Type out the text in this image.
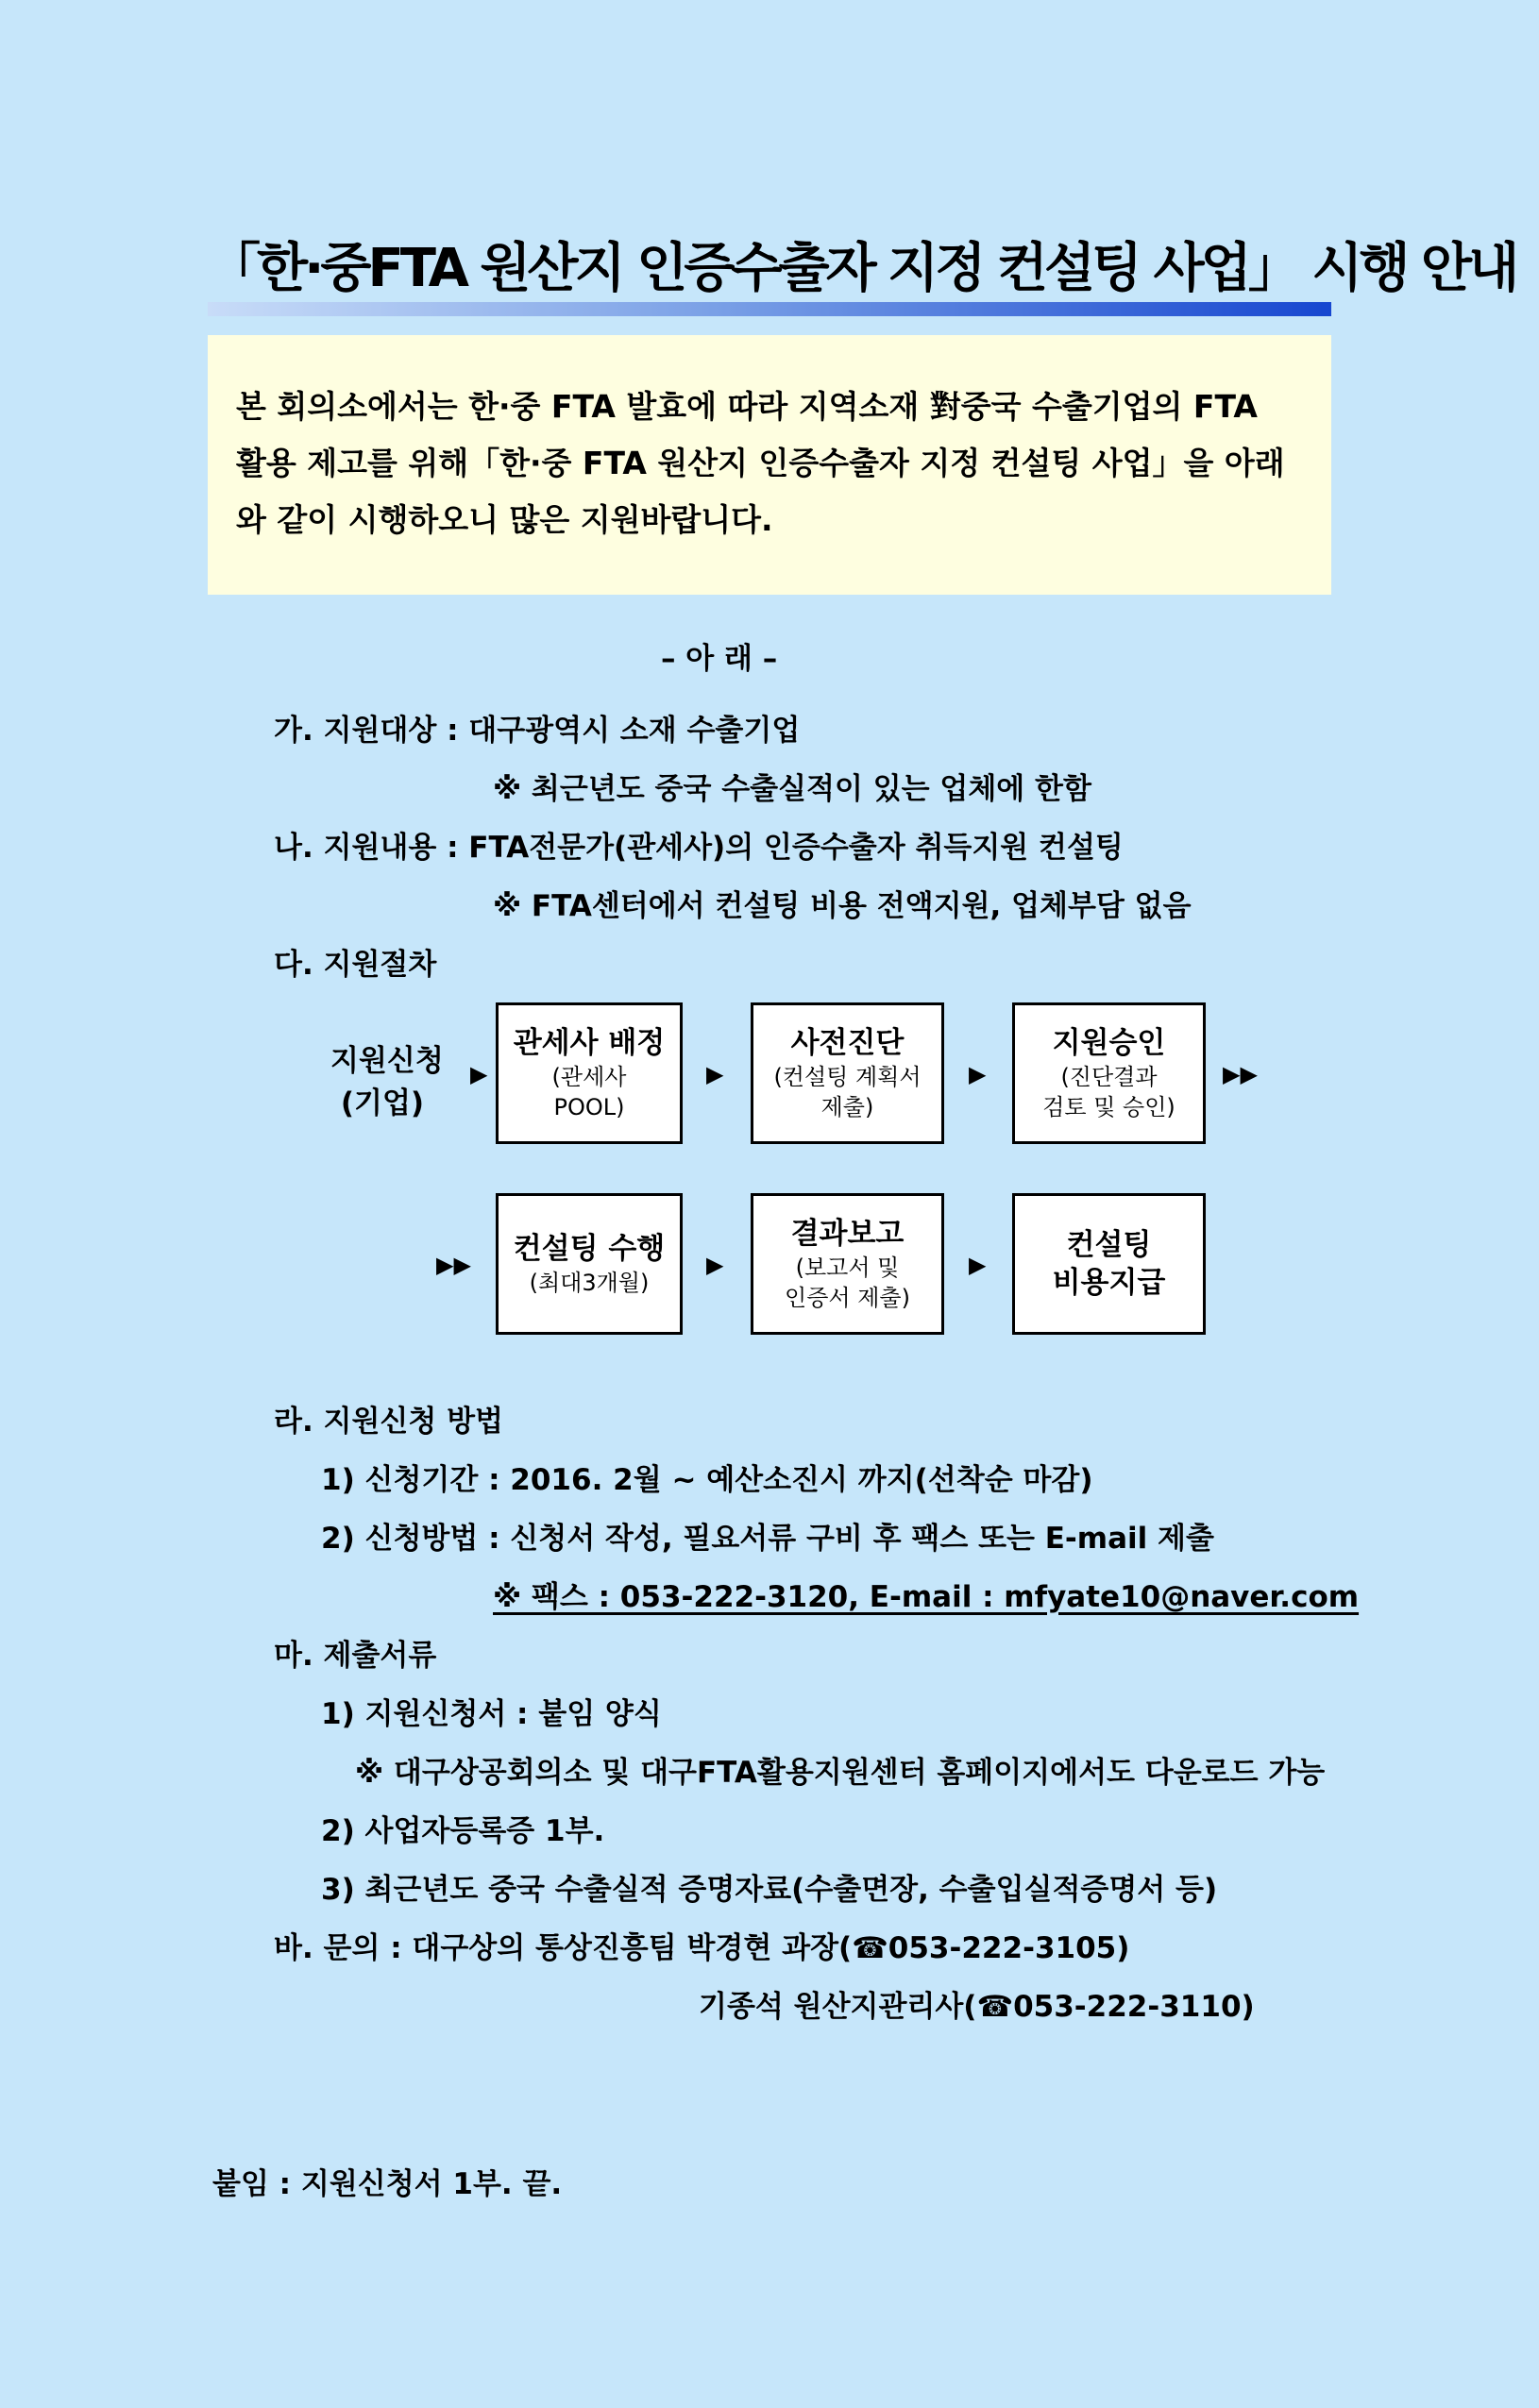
「한·중FTA 원산지 인증수출자 지정 컨설팅 사업」 시행 안내
본 회의소에서는 한·중 FTA 발효에 따라 지역소재 對중국 수출기업의 FTA
활용 제고를 위해「한·중 FTA 원산지 인증수출자 지정 컨설팅 사업」을 아래
와 같이 시행하오니 많은 지원바랍니다.
– 아 래 –
가. 지원대상 : 대구광역시 소재 수출기업
※ 최근년도 중국 수출실적이 있는 업체에 한함
나. 지원내용 : FTA전문가(관세사)의 인증수출자 취득지원 컨설팅
※ FTA센터에서 컨설팅 비용 전액지원, 업체부담 없음
다. 지원절차
지원신청
(기업)
▶
관세사 배정
(관세사
POOL)
▶
사전진단
(컨설팅 계획서
제출)
▶
지원승인
(진단결과
검토 및 승인)
▶▶
▶▶ 컨설팅 수행
(최대3개월)
▶
결과보고
(보고서 및
인증서 제출)
▶
컨설팅
비용지급
라. 지원신청 방법
1) 신청기간 : 2016. 2월 ~ 예산소진시 까지(선착순 마감)
2) 신청방법 : 신청서 작성, 필요서류 구비 후 팩스 또는 E-mail 제출
※ 팩스 : 053-222-3120, E-mail : mfyate10@naver.com
마. 제출서류
1) 지원신청서 : 붙임 양식
※ 대구상공회의소 및 대구FTA활용지원센터 홈페이지에서도 다운로드 가능
2) 사업자등록증 1부.
3) 최근년도 중국 수출실적 증명자료(수출면장, 수출입실적증명서 등)
바. 문의 : 대구상의 통상진흥팀 박경현 과장(☎053-222-3105)
기종석 원산지관리사(☎053-222-3110)
붙임 : 지원신청서 1부. 끝.
